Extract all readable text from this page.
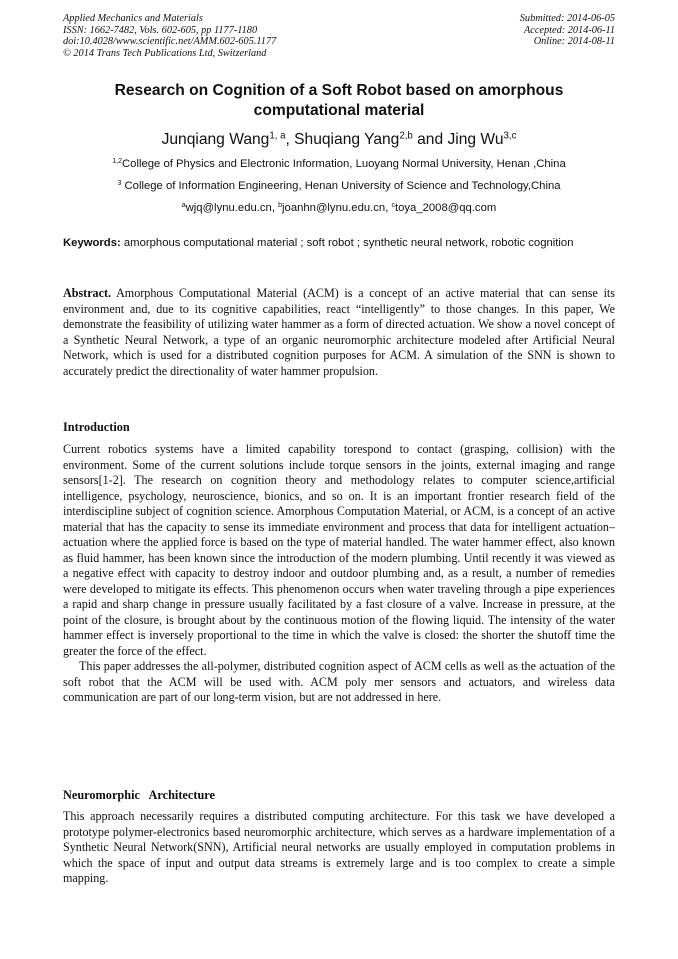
Applied Mechanics and Materials
ISSN: 1662-7482, Vols. 602-605, pp 1177-1180
doi:10.4028/www.scientific.net/AMM.602-605.1177
© 2014 Trans Tech Publications Ltd, Switzerland
Submitted: 2014-06-05
Accepted: 2014-06-11
Online: 2014-08-11
Research on Cognition of a Soft Robot based on amorphous
computational material
Junqiang Wang$^{1, a}$, Shuqiang Yang$^{2,b}$ and Jing Wu$^{3,c}$
$^{1,2}$College of Physics and Electronic Information, Luoyang Normal University, Henan ,China
$^3$ College of Information Engineering, Henan University of Science and Technology,China
$^a$wjq@lynu.edu.cn, $^b$joanhn@lynu.edu.cn, $^c$toya_2008@qq.com
Keywords: amorphous computational material ; soft robot ; synthetic neural network, robotic cognition
Abstract. Amorphous Computational Material (ACM) is a concept of an active material that can sense its environment and, due to its cognitive capabilities, react “intelligently” to those changes. In this paper, We demonstrate the feasibility of utilizing water hammer as a form of directed actuation. We show a novel concept of a Synthetic Neural Network, a type of an organic neuromorphic architecture modeled after Artificial Neural Network, which is used for a distributed cognition purposes for ACM. A simulation of the SNN is shown to accurately predict the directionality of water hammer propulsion.
Introduction

Current robotics systems have a limited capability torespond to contact (grasping, collision) with the environment. Some of the current solutions include torque sensors in the joints, external imaging and range sensors[1-2]. The research on cognition theory and methodology relates to computer science,artificial intelligence, psychology, neuroscience, bionics, and so on. It is an important frontier research field of the interdiscipline subject of cognition science. Amorphous Computation Material, or ACM, is a concept of an active material that has the capacity to sense its immediate environment and process that data for intelligent actuation–actuation where the applied force is based on the type of material handled. The water hammer effect, also known as fluid hammer, has been known since the introduction of the modern plumbing. Until recently it was viewed as a negative effect with capacity to destroy indoor and outdoor plumbing and, as a result, a number of remedies were developed to mitigate its effects. This phenomenon occurs when water traveling through a pipe experiences a rapid and sharp change in pressure usually facilitated by a fast closure of a valve. Increase in pressure, at the point of the closure, is brought about by the continuous motion of the flowing liquid. The intensity of the water hammer effect is inversely proportional to the time in which the valve is closed: the shorter the shutoff time the greater the force of the effect.

This paper addresses the all-polymer, distributed cognition aspect of ACM cells as well as the actuation of the soft robot that the ACM will be used with. ACM poly mer sensors and actuators, and wireless data communication are part of our long-term vision, but are not addressed in here.

Neuromorphic   Architecture

This approach necessarily requires a distributed computing architecture. For this task we have developed a prototype polymer-electronics based neuromorphic architecture, which serves as a hardware implementation of a Synthetic Neural Network(SNN), Artificial neural networks are usually employed in computation problems in which the space of input and output data streams is extremely large and is too complex to create a simple mapping.
